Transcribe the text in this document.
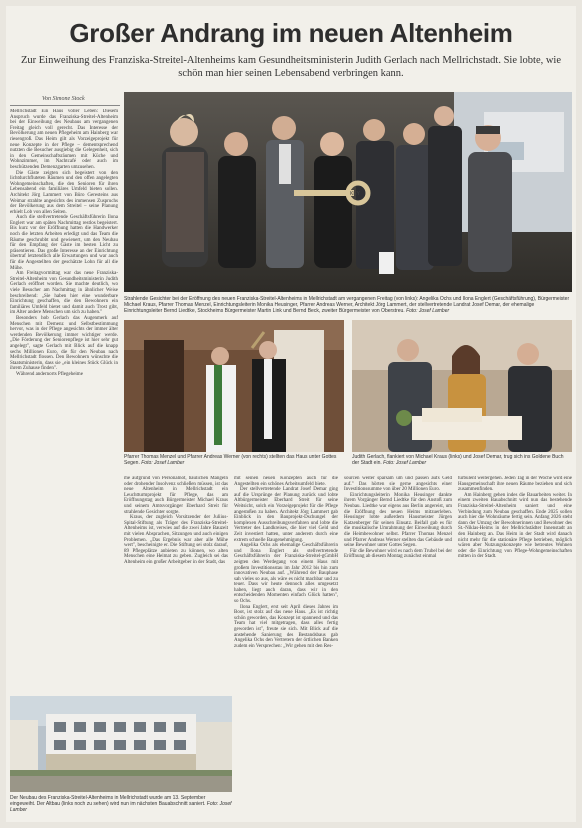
Großer Andrang im neuen Altenheim
Zur Einweihung des Franziska-Streitel-Altenheims kam Gesundheitsministerin Judith Gerlach nach Mellrichstadt. Sie lobte, wie schön man hier seinen Lebensabend verbringen kann.
Von Simone Stock
Mellrichstadt Ein Haus voller Leben: Diesem Anspruch wurde das Franziska-Streitel-Altenheim bei der Einweihung des Neubaus am vergangenen Freitag gleich voll gerecht. Das Interesse der Bevölkerung am neuen Pflegeheim am Hainberg war riesengroß. Das Heim gilt als Vorzeigeprojekt für neue Konzepte in der Pflege – dementsprechend nutzten die Besucher ausgiebig die Gelegenheit, sich in den Gemeinschaftsräumen mit Küche und Wohnzimmer, im Nachtcafé oder auch im beschützenden Demenzgarten umzusehen.
Die Gäste zeigten sich begeistert von den lichtdurchfluteten Räumen und den offen angelegten Wohngemeinschaften, die den Senioren für ihren Lebensabend ein familiäres Umfeld bieten sollen. Architekt Jörg Lammert von Büro Geresteins aus Weimar strahlte angesichts des immensen Zuspruchs der Bevölkerung aus dem Streitel – seine Planung erhielt Lob von allen Seiten.
Auch die stellvertretende Geschäftsführerin Ilona Englert war am späten Nachmittag restlos begeistert. Bis kurz vor der Eröffnung hatten die Handwerker noch die letzten Arbeiten erledigt und das Team die Räume geschrubbt und gewienert, um den Neubau für den Empfang der Gäste im besten Licht zu präsentieren. Das große Interesse an der Einrichtung übertraf letztendlich alle Erwartungen und war auch für die Angestellten der geschätzte Lohn für all die Mühe.
Am Freitagvormittag war das neue Franziska-Streitel-Altenheim von Gesundheitsministerin Judith Gerlach eröffnet worden. Sie machte deutlich, wo viele Besucher am Nachmittag in ähnlicher Weise beschreibend: „Sie haben hier eine wunderbare Einrichtung geschaffen, die den Bewohnern ein familiäres Umfeld bietet und damit auch Trost gibt, im Alter andere Menschen um sich zu haben."
Besonders hob Gerlach das Augenmerk auf Menschen mit Demenz und Selbstbestimmung hervor, was in der Pflege angesichts der immer älter werdenden Bevölkerung immer wichtiger werde. „Die Förderung der Seniorenpflege ist hier sehr gut angelegt", sagte Gerlach mit Blick auf die knapp sechs Millionen Euro, die für den Neubau nach Mellrichstadt flossen. Den Bewohnern wünschte die Staatsministerin, dass sie „ein kleines Stück Glück in ihrem Zuhause finden".
Während andernorts Pflegeheime
KEY
Strahlende Gesichter bei der Eröffnung des neuen Franziska-Streitel-Altenheims in Mellrichstadt am vergangenen Freitag (von links): Angelika Ochs und Ilona Englert (Geschäftsführung), Bürgermeister Michael Kraus, Pfarrer Thomas Menzel, Einrichtungsleiterin Monika Heusinger, Pfarrer Andreas Werner, Architekt Jörg Lammert, der stellvertretende Landrat Josef Demar, der ehemalige Einrichtungsleiter Bernd Liedtke, Stockheims Bürgermeister Martin Link und Bernd Beck, zweiter Bürgermeister von Oberstreu. Foto: Josef Lamber
Pfarrer Thomas Menzel und Pfarrer Andreas Werner (von rechts) stellten das Haus unter Gottes Segen. Foto: Josef Lamber
Judith Gerlach, flankiert von Michael Kraus (links) und Josef Demar, trug sich ins Goldene Buch der Stadt ein. Foto: Josef Lamber
me aufgrund von Personalnot, baulichen Mängeln oder drohender Insolvenz schließen müssen, ist das neue Altenheim in Mellrichstadt ein Leuchtturmprojekt für Pflege, das am Eröffnungstag auch Bürgermeister Michael Kraus und seinem Amtsvorgänger Eberhard Streit für strahlende Gesichter sorgte.
Kraus, der zugleich Vorsitzender der Juliius-Spital-Stiftung als Träger des Franziska-Streitel-Altenheims ist, verwies auf die zwei Jahre Bauzeit mit vielen Absprachen, Sitzungen und auch einigen Problemen. „Das Ergebnis war aber alle Mühe wert", bescheinigte er. Die Stiftung sei stolz darauf, 89 Pflegeplätze anbieten zu können, wo alten Menschen eine Heimat zu geben. Zugleich sei das Altenheim ein großer Arbeitgeber in der Stadt, das
mit seinen neuen Konzepten auch für die Angestellten ein schönes Arbeitsumfeld biete.
Der stellvertretende Landrat Josef Demar ging auf die Ursprünge der Planung zurück und lobte Altbürgermeister Eberhard Streit für seine Weitsicht, solch ein Vorzeigeprojekt für die Pflege angestoßen zu haben. Architekt Jörg Lammert gab Einblick in den Bauprojekt-Dschungel der komplexen Ausschreibungsverfahren und lobte die Vertreter des Landkreises, die hier viel Geld und Zeit investiert hatten, unter anderem durch eine extrem schnelle Baugenehmigung.
Angelika Ochs als ehemalige Geschäftsführerin und Ilona Englert als stellvertretende Geschäftsführerin der Franziska-Streitel-gGmbH zeigten den Werdegang von einem Haus mit großem Investitionsstau im Jahr 2012 bis hin zum innovativen Neubau auf. „Während der Bauphase sah vieles so aus, als wäre es nicht machbar und zu teuer. Dass wir heute dennoch alles umgesetzt haben, liegt auch daran, dass wir in den entscheidenden Momenten einfach Glück hatten", so Ochs.
Ilona Englert, erst seit April dieses Jahres im Boot, ist stolz auf das neue Haus. „Es ist richtig schön geworden, das Konzept ist spannend und das Team hat viel mitgetragen, dass alles fertig geworden ist", freute sie sich. Mit Blick auf die anstehende Sanierung des Bestandsbaus gab Angelika Ochs den Vertretern der örtlichen Banken zudem ein Versprechen: „Wir gehen mit den Res-
sourcen weiter sparsam um und passen aufs Geld auf." Das hörten sie gerne angesichts einer Investitionssumme von über 20 Millionen Euro.
Einrichtungsleiterin Monika Heusinger dankte ihrem Vorgänger Bernd Liedtke für den Anstoß zum Neubau. Liedtke war eigens aus Berlin angereist, um die Eröffnung des neuen Heims mitzuerleben. Heusinger lobte außerdem Hausmeister Jürgen Katzenberger für seinen Einsatz. Beifall gab es für die musikalische Umrahmung der Einweihung durch die Heimbewohner selbst. Pfarrer Thomas Menzel und Pfarrer Andreas Werner stellten das Gebäude und seine Bewohner unter Gottes Segen.
Für die Bewohner wird es nach dem Trubel bei der Eröffnung ab diesem Montag zunächst einmal
turbulent weitergehen. Jeden Tag in der Woche wird eine Hausgemeinschaft ihre neuen Räume beziehen und sich zusammenfinden.
Am Hainberg gehen indes die Bauarbeiten weiter. In einem zweiten Bauabschnitt wird nun das bestehende Franziska-Streitel-Altenheim saniert und eine Verbindung zum Neubau geschaffen. Ende 2025 sollen auch hier die Wohnräume fertig sein. Anfang 2026 steht dann der Umzug der Bewohnerinnen und Bewohner des St.-Niklas-Heims in der Mellrichstädter Innenstadt an den Hainberg an. Das Heim in der Stadt wird danach nicht mehr für die stationäre Pflege betrieben, möglich wären aber Nutzungskonzepte wie betreutes Wohnen oder die Einrichtung von Pflege-Wohngemeinschaften mitten in der Stadt.
Der Neubau des Franziska-Streitel-Altenheims in Mellrichstadt wurde am 13. September eingeweiht. Der Altbau (links noch zu sehen) wird nun im nächsten Bauabschnitt saniert. Foto: Josef Lamber
